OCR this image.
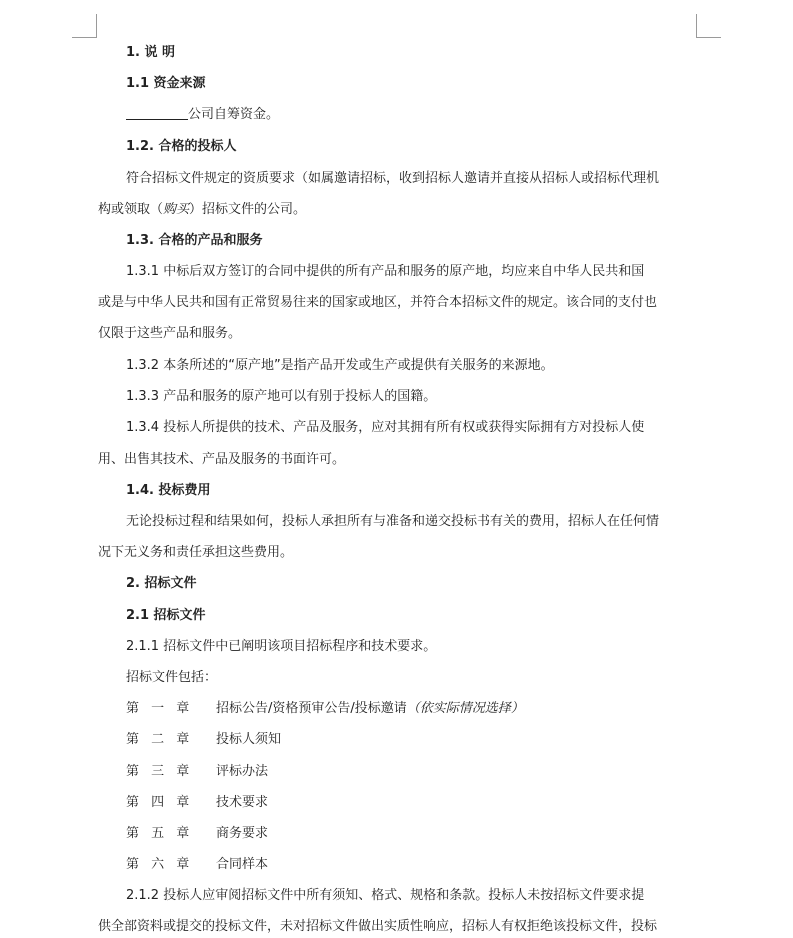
1. 说 明
1.1 资金来源
公司自筹资金。
1.2. 合格的投标人
符合招标文件规定的资质要求（如属邀请招标，收到招标人邀请并直接从招标人或招标代理机
构或领取（购买）招标文件的公司。
1.3. 合格的产品和服务
1.3.1 中标后双方签订的合同中提供的所有产品和服务的原产地，均应来自中华人民共和国
或是与中华人民共和国有正常贸易往来的国家或地区，并符合本招标文件的规定。该合同的支付也
仅限于这些产品和服务。
1.3.2 本条所述的“原产地”是指产品开发或生产或提供有关服务的来源地。
1.3.3 产品和服务的原产地可以有别于投标人的国籍。
1.3.4 投标人所提供的技术、产品及服务，应对其拥有所有权或获得实际拥有方对投标人使
用、出售其技术、产品及服务的书面许可。
1.4. 投标费用
无论投标过程和结果如何，投标人承担所有与准备和递交投标书有关的费用，招标人在任何情
况下无义务和责任承担这些费用。
2. 招标文件
2.1 招标文件
2.1.1 招标文件中已阐明该项目招标程序和技术要求。
招标文件包括：
第 一 章 招标公告/资格预审公告/投标邀请（依实际情况选择）
第 二 章 投标人须知
第 三 章 评标办法
第 四 章 技术要求
第 五 章 商务要求
第 六 章 合同样本
2.1.2 投标人应审阅招标文件中所有须知、格式、规格和条款。投标人未按招标文件要求提
供全部资料或提交的投标文件，未对招标文件做出实质性响应，招标人有权拒绝该投标文件，投标
